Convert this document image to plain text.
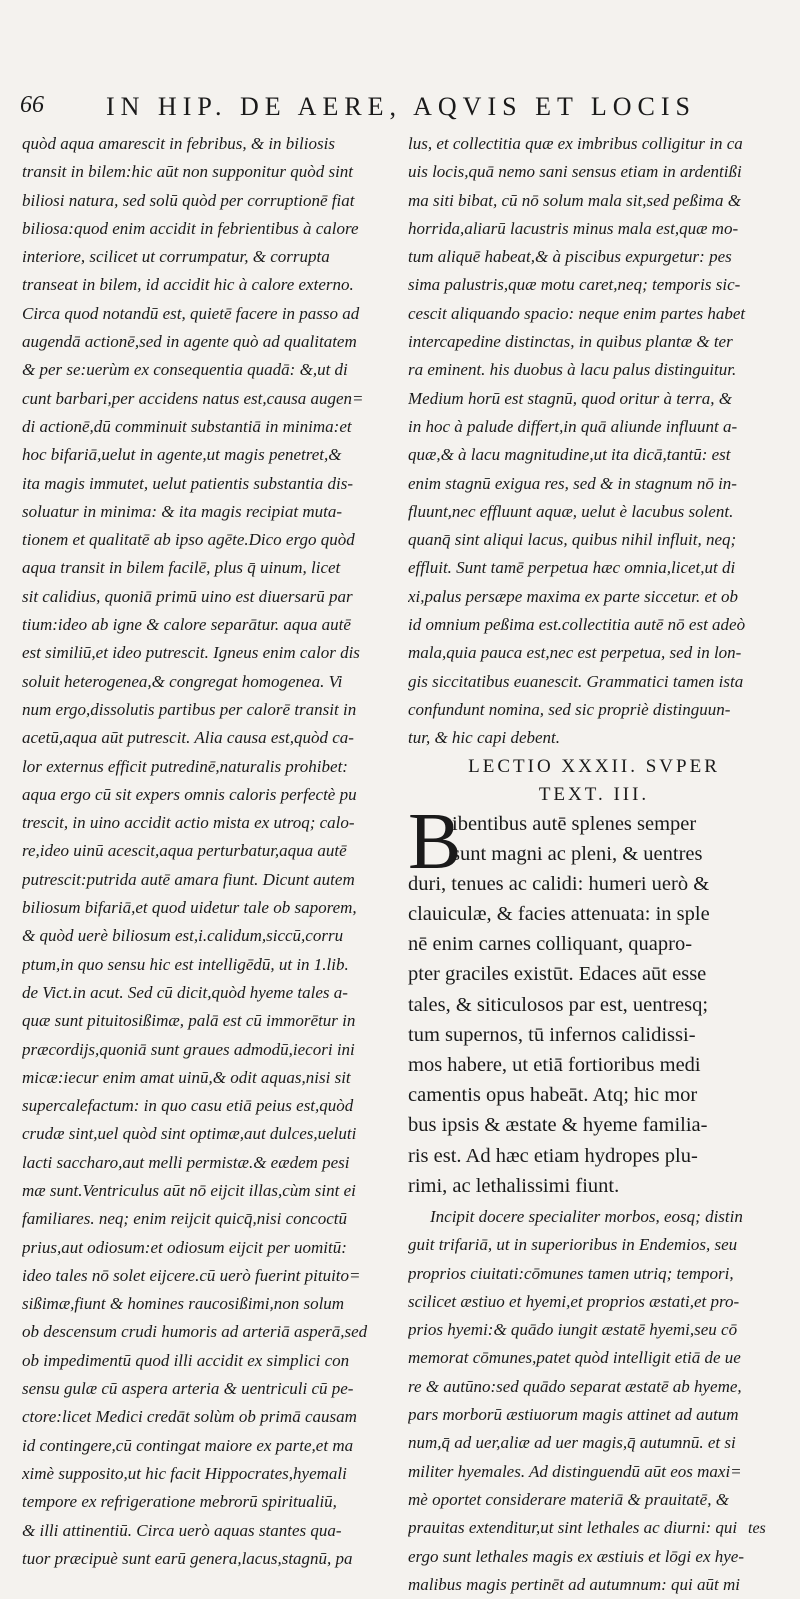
66 IN HIP. DE AERE, AQVIS ET LOCIS
quòd aqua amarescit in febribus, & in biliosis
transit in bilem:hic aūt non supponitur quòd sint
biliosi natura, sed solū quòd per corruptionē fiat
biliosa:quod enim accidit in febrientibus à calore
interiore, scilicet ut corrumpatur, & corrupta
transeat in bilem, id accidit hic à calore externo.
Circa quod notandū est, quietē facere in passo ad
augendā actionē,sed in agente quò ad qualitatem
& per se:uerùm ex consequentia quadā: &,ut di
cunt barbari,per accidens natus est,causa augen=
di actionē,dū comminuit substantiā in minima:et
hoc bifariā,uelut in agente,ut magis penetret,&
ita magis immutet, uelut patientis substantia dis-
soluatur in minima: & ita magis recipiat muta-
tionem et qualitatē ab ipso agēte.Dico ergo quòd
aqua transit in bilem facilē, plus q̄ uinum, licet
sit calidius, quoniā primū uino est diuersarū par
tium:ideo ab igne & calore separātur. aqua autē
est similiū,et ideo putrescit. Igneus enim calor dis
soluit heterogenea,& congregat homogenea. Vi
num ergo,dissolutis partibus per calorē transit in
acetū,aqua aūt putrescit. Alia causa est,quòd ca-
lor externus efficit putredinē,naturalis prohibet:
aqua ergo cū sit expers omnis caloris perfectè pu
trescit, in uino accidit actio mista ex utroq; calo-
re,ideo uinū acescit,aqua perturbatur,aqua autē
putrescit:putrida autē amara fiunt. Dicunt autem
biliosum bifariā,et quod uidetur tale ob saporem,
& quòd uerè biliosum est,i.calidum,siccū,corru
ptum,in quo sensu hic est intelligēdū, ut in 1.lib.
de Vict.in acut. Sed cū dicit,quòd hyeme tales a-
quæ sunt pituitosißimæ, palā est cū immorētur in
præcordijs,quoniā sunt graues admodū,iecori ini
micæ:iecur enim amat uinū,& odit aquas,nisi sit
supercalefactum: in quo casu etiā peius est,quòd
crudæ sint,uel quòd sint optimæ,aut dulces,ueluti
lacti saccharo,aut melli permistæ.& eædem pesi
mæ sunt.Ventriculus aūt nō eijcit illas,cùm sint ei
familiares. neq; enim reijcit quicq̄,nisi concoctū
prius,aut odiosum:et odiosum eijcit per uomitū:
ideo tales nō solet eijcere.cū uerò fuerint pituito=
sißimæ,fiunt & homines raucosißimi,non solum
ob descensum crudi humoris ad arteriā asperā,sed
ob impedimentū quod illi accidit ex simplici con
sensu gulæ cū aspera arteria & uentriculi cū pe-
ctore:licet Medici credāt solùm ob primā causam
id contingere,cū contingat maiore ex parte,et ma
ximè supposito,ut hic facit Hippocrates,hyemali
tempore ex refrigeratione mebrorū spiritualiū,
& illi attinentiū. Circa uerò aquas stantes qua-
tuor præcipuè sunt earū genera,lacus,stagnū, pa
lus, et collectitia quæ ex imbribus colligitur in ca
uis locis,quā nemo sani sensus etiam in ardentißi
ma siti bibat, cū nō solum mala sit,sed peßima &
horrida,aliarū lacustris minus mala est,quæ mo-
tum aliquē habeat,& à piscibus expurgetur: pes
sima palustris,quæ motu caret,neq; temporis sic-
cescit aliquando spacio: neque enim partes habet
intercapedine distinctas, in quibus plantæ & ter
ra eminent. his duobus à lacu palus distinguitur.
Medium horū est stagnū, quod oritur à terra, &
in hoc à palude differt,in quā aliunde influunt a-
quæ,& à lacu magnitudine,ut ita dicā,tantū: est
enim stagnū exigua res, sed & in stagnum nō in-
fluunt,nec effluunt aquæ, uelut è lacubus solent.
quanq̄ sint aliqui lacus, quibus nihil influit, neq;
effluit. Sunt tamē perpetua hæc omnia,licet,ut di
xi,palus persæpe maxima ex parte siccetur. et ob
id omnium peßima est.collectitia autē nō est adeò
mala,quia pauca est,nec est perpetua, sed in lon-
gis siccitatibus euanescit. Grammatici tamen ista
confundunt nomina, sed sic propriè distinguun-
tur, & hic capi debent.
LECTIO XXXII. SVPER
TEXT. III.
B
ibentibus autē splenes semper
sunt magni ac pleni, & uentres
duri, tenues ac calidi: humeri uerò &
clauiculæ, & facies attenuata: in sple
nē enim carnes colliquant, quapro-
pter graciles existūt. Edaces aūt esse
tales, & siticulosos par est, uentresq;
tum supernos, tū infernos calidissi-
mos habere, ut etiā fortioribus medi
camentis opus habeāt. Atq; hic mor
bus ipsis & æstate & hyeme familia-
ris est. Ad hæc etiam hydropes plu-
rimi, ac lethalissimi fiunt.
Incipit docere specialiter morbos, eosq; distin
guit trifariā, ut in superioribus in Endemios, seu
proprios ciuitati:cōmunes tamen utriq; tempori,
scilicet æstiuo et hyemi,et proprios æstati,et pro-
prios hyemi:& quādo iungit æstatē hyemi,seu cō
memorat cōmunes,patet quòd intelligit etiā de ue
re & autūno:sed quādo separat æstatē ab hyeme,
pars morborū æstiuorum magis attinet ad autum
num,q̄ ad uer,aliæ ad uer magis,q̄ autumnū. et si
militer hyemales. Ad distinguendū aūt eos maxi=
mè oportet considerare materiā & prauitatē, &
prauitas extenditur,ut sint lethales ac diurni: qui
ergo sunt lethales magis ex æstiuis et lōgi ex hye-
malibus magis pertinēt ad autumnum: qui aūt mi
tes
